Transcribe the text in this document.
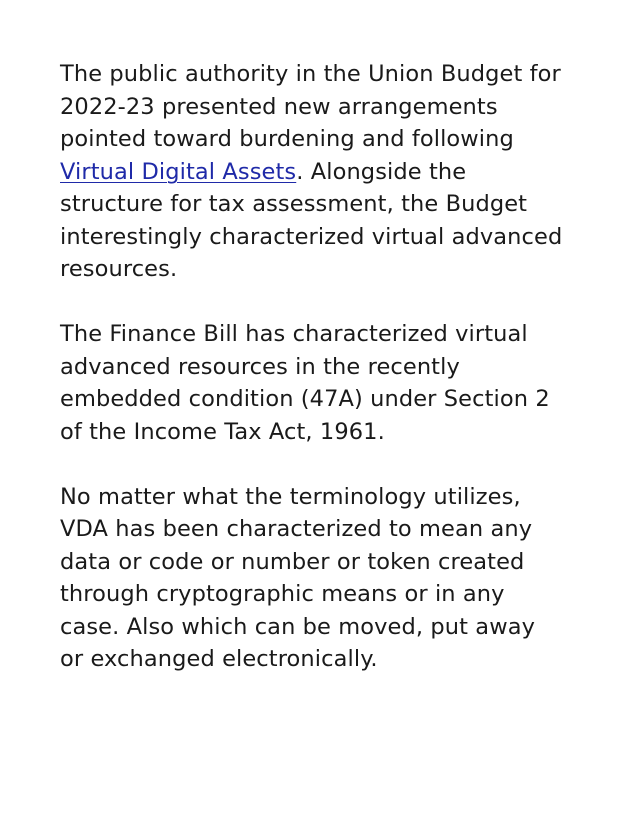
The public authority in the Union Budget for
2022-23 presented new arrangements
pointed toward burdening and following
Virtual Digital Assets. Alongside the
structure for tax assessment, the Budget
interestingly characterized virtual advanced
resources.

The Finance Bill has characterized virtual
advanced resources in the recently
embedded condition (47A) under Section 2
of the Income Tax Act, 1961.

No matter what the terminology utilizes,
VDA has been characterized to mean any
data or code or number or token created
through cryptographic means or in any
case. Also which can be moved, put away
or exchanged electronically.
